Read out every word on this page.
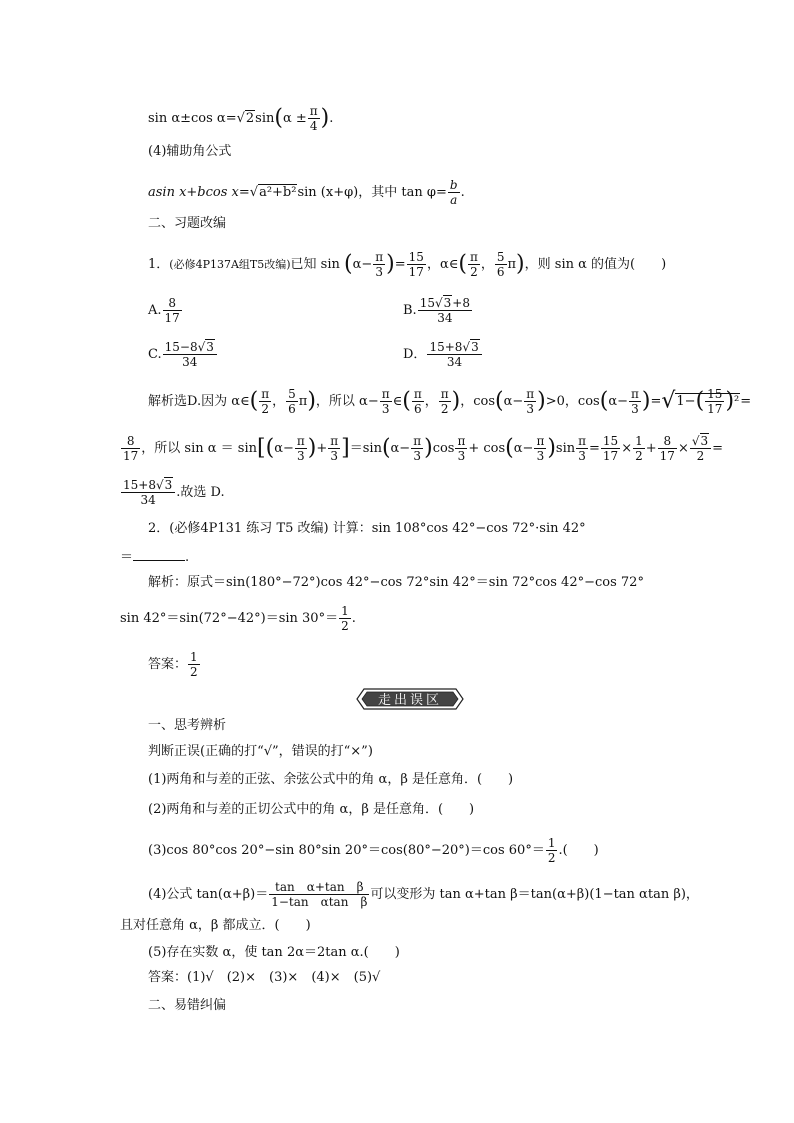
sin α±cos $\alpha=√2\sin(\alpha \pm \frac{\pi}{4}$ ).
(4)辅助角公式
asin x+bcos x=√a²+b²sin (x+φ)，其中 $\tan \varphi= \frac{b}{a}$ .
二、习题改编
1．(必修4P137A组T5改编)已知 $\sin (\alpha- \frac{\pi}{3}$ )= $\frac{15}{17}$ ，α∈( $\frac{\pi}{2}$ ， $\frac{5}{6} \pi$)，则 sin α 的值为(　　)
A. $\frac{8}{17}$	B. $\frac{15√3+8}{34}$
C. $\frac{15-8√3}{34}$	D． $\frac{15+8√3}{34}$
解析选D.因为 α∈( $\frac{\pi}{2}$ ， $\frac{5}{6} \pi$)，所以 $\alpha- \frac{\pi}{3}$ ∈( $\frac{\pi}{6}$ ， $\frac{\pi}{2}$ )，$\cos(\alpha- \frac{\pi}{3} )>0$，$\cos(\alpha- \frac{\pi}{3} )=√1-( \frac{15}{17} )^2=$
$\frac{8}{17}$ ，所以 $\sin \alpha = \sin[(\alpha- \frac{\pi}{3}$ )+ $\frac{\pi}{3} ]=\sin(\alpha- \frac{\pi}{3} )\cos \frac{\pi}{3} + \cos(\alpha- \frac{\pi}{3} )\sin \frac{\pi}{3} = \frac{15}{17} \times \frac{1}{2} + \frac{8}{17} \times \frac{√3}{2}$ =
$\frac{15+8√3}{34}$ .故选 D.
2．(必修4P131 练习 T5 改编) 计算：sin 108°cos 42°−cos 72°·sin 42°
＝	.
解析：原式＝sin(180°−72°)cos 42°−cos 72°sin 42°＝sin 72°cos 42°−cos 72°
sin 42°＝sin(72°−42°)＝sin $30^\circ= \frac{1}{2}$ .
答案： $\frac{1}{2}$
走出误区
一、思考辨析
判断正误(正确的打“√”，错误的打“×”)
(1)两角和与差的正弦、余弦公式中的角 α，β 是任意角．(　　)
(2)两角和与差的正切公式中的角 α，β 是任意角．(　　)
(3)cos 80°cos 20°−sin 80°sin 20°＝cos(80°−20°)＝cos $60^\circ= \frac{1}{2}$ .(　　)
(4)公式 $\tan(\alpha+\beta)= \frac{\text{tan　α+tan　β}}{\text{1−tan　αtan　β}}$ 可以变形为 tan α+tan β＝tan(α+β)(1−tan αtan β)，
且对任意角 α，β 都成立．(　　)
(5)存在实数 α，使 tan 2α＝2tan α.(　　)
答案：(1)√　(2)×　(3)×　(4)×　(5)√
二、易错纠偏
